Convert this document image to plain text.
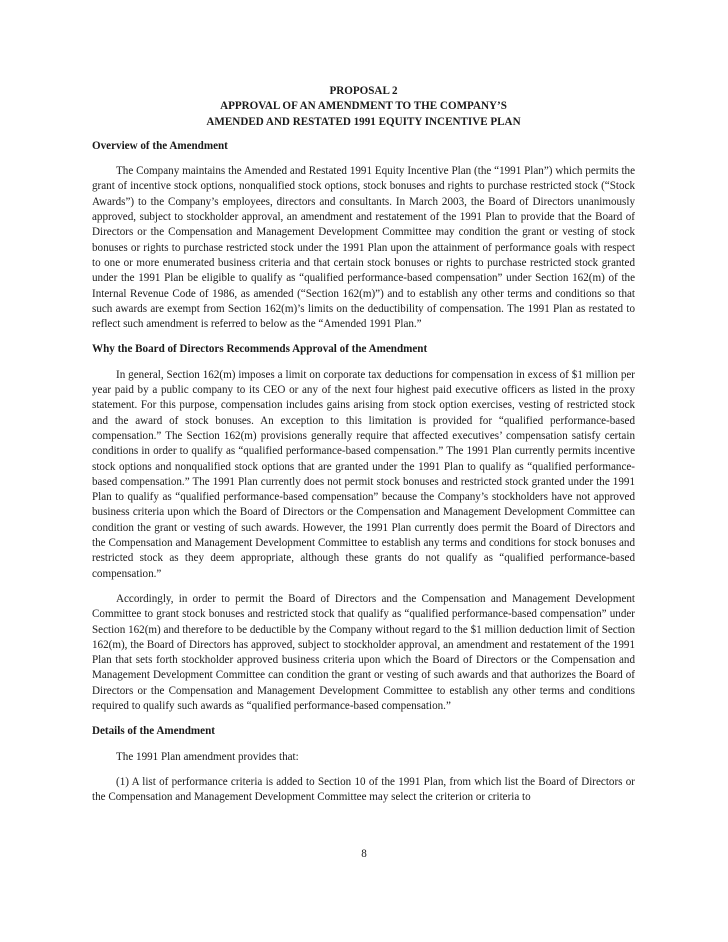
PROPOSAL 2
APPROVAL OF AN AMENDMENT TO THE COMPANY’S
AMENDED AND RESTATED 1991 EQUITY INCENTIVE PLAN
Overview of the Amendment

The Company maintains the Amended and Restated 1991 Equity Incentive Plan (the “1991 Plan”) which permits the grant of incentive stock options, nonqualified stock options, stock bonuses and rights to purchase restricted stock (“Stock Awards”) to the Company’s employees, directors and consultants. In March 2003, the Board of Directors unanimously approved, subject to stockholder approval, an amendment and restatement of the 1991 Plan to provide that the Board of Directors or the Compensation and Management Development Committee may condition the grant or vesting of stock bonuses or rights to purchase restricted stock under the 1991 Plan upon the attainment of performance goals with respect to one or more enumerated business criteria and that certain stock bonuses or rights to purchase restricted stock granted under the 1991 Plan be eligible to qualify as “qualified performance-based compensation” under Section 162(m) of the Internal Revenue Code of 1986, as amended (“Section 162(m)”) and to establish any other terms and conditions so that such awards are exempt from Section 162(m)’s limits on the deductibility of compensation. The 1991 Plan as restated to reflect such amendment is referred to below as the “Amended 1991 Plan.”

Why the Board of Directors Recommends Approval of the Amendment

In general, Section 162(m) imposes a limit on corporate tax deductions for compensation in excess of $1 million per year paid by a public company to its CEO or any of the next four highest paid executive officers as listed in the proxy statement. For this purpose, compensation includes gains arising from stock option exercises, vesting of restricted stock and the award of stock bonuses. An exception to this limitation is provided for “qualified performance-based compensation.” The Section 162(m) provisions generally require that affected executives’ compensation satisfy certain conditions in order to qualify as “qualified performance-based compensation.” The 1991 Plan currently permits incentive stock options and nonqualified stock options that are granted under the 1991 Plan to qualify as “qualified performance-based compensation.” The 1991 Plan currently does not permit stock bonuses and restricted stock granted under the 1991 Plan to qualify as “qualified performance-based compensation” because the Company’s stockholders have not approved business criteria upon which the Board of Directors or the Compensation and Management Development Committee can condition the grant or vesting of such awards. However, the 1991 Plan currently does permit the Board of Directors and the Compensation and Management Development Committee to establish any terms and conditions for stock bonuses and restricted stock as they deem appropriate, although these grants do not qualify as “qualified performance-based compensation.”

Accordingly, in order to permit the Board of Directors and the Compensation and Management Development Committee to grant stock bonuses and restricted stock that qualify as “qualified performance-based compensation” under Section 162(m) and therefore to be deductible by the Company without regard to the $1 million deduction limit of Section 162(m), the Board of Directors has approved, subject to stockholder approval, an amendment and restatement of the 1991 Plan that sets forth stockholder approved business criteria upon which the Board of Directors or the Compensation and Management Development Committee can condition the grant or vesting of such awards and that authorizes the Board of Directors or the Compensation and Management Development Committee to establish any other terms and conditions required to qualify such awards as “qualified performance-based compensation.”

Details of the Amendment

The 1991 Plan amendment provides that:

(1) A list of performance criteria is added to Section 10 of the 1991 Plan, from which list the Board of Directors or the Compensation and Management Development Committee may select the criterion or criteria to

8
